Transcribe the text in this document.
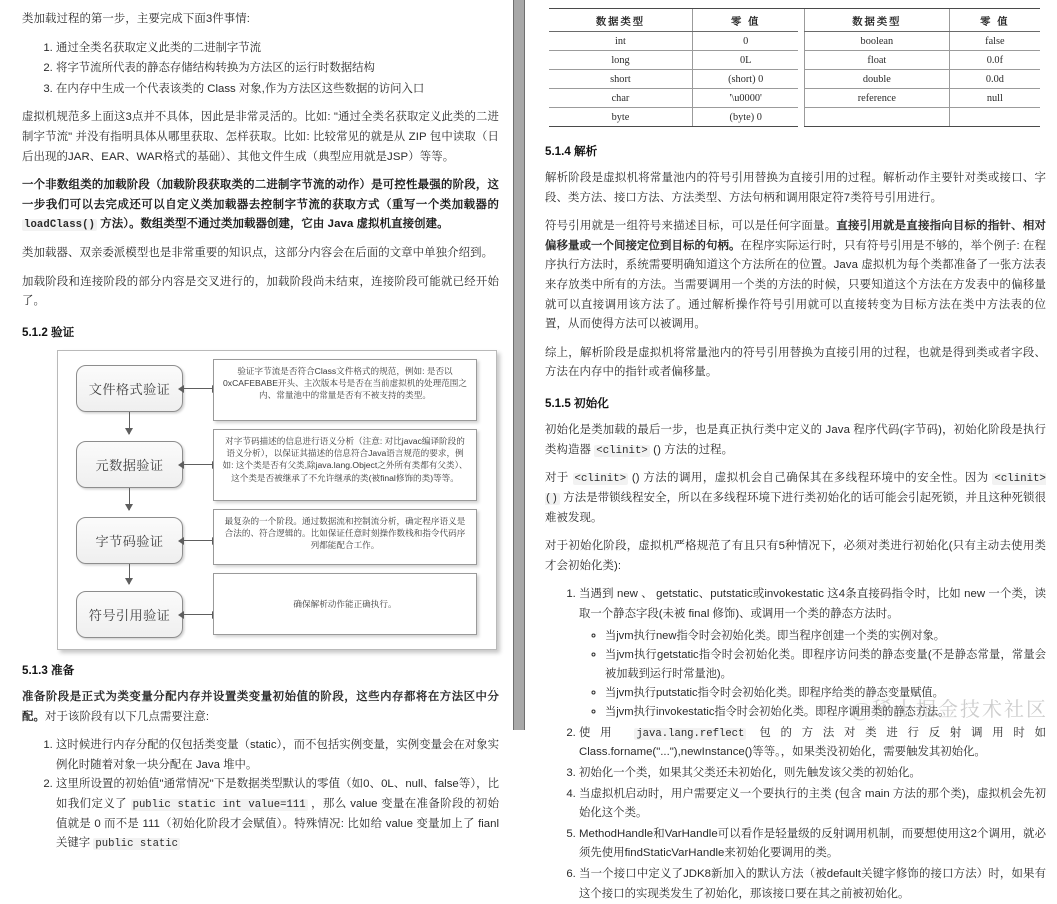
类加载过程的第一步，主要完成下面3件事情:
1. 通过全类名获取定义此类的二进制字节流
2. 将字节流所代表的静态存储结构转换为方法区的运行时数据结构
3. 在内存中生成一个代表该类的 Class 对象,作为方法区这些数据的访问入口
虚拟机规范多上面这3点并不具体，因此是非常灵活的。比如: "通过全类名获取定义此类的二进制字节流" 并没有指明具体从哪里获取、怎样获取。比如: 比较常见的就是从 ZIP 包中读取（日后出现的JAR、EAR、WAR格式的基础）、其他文件生成（典型应用就是JSP）等等。
一个非数组类的加载阶段（加载阶段获取类的二进制字节流的动作）是可控性最强的阶段，这一步我们可以去完成还可以自定义类加载器去控制字节流的获取方式（重写一个类加载器的loadClass() 方法）。数组类型不通过类加载器创建，它由 Java 虚拟机直接创建。
类加载器、双亲委派模型也是非常重要的知识点，这部分内容会在后面的文章中单独介绍到。
加载阶段和连接阶段的部分内容是交叉进行的，加载阶段尚未结束，连接阶段可能就已经开始了。
5.1.2 验证
文件格式验证
元数据验证
字节码验证
符号引用验证
验证字节流是否符合Class文件格式的规范，例如: 是否以0xCAFEBABE开头、主次版本号是否在当前虚拟机的处理范围之内、常量池中的常量是否有不被支持的类型。
对字节码描述的信息进行语义分析（注意: 对比javac编译阶段的语义分析），以保证其描述的信息符合Java语言规范的要求，例如: 这个类是否有父类,除java.lang.Object之外所有类都有父类）、这个类是否被继承了不允许继承的类(被final修饰的类)等等。
最复杂的一个阶段。通过数据流和控制流分析，确定程序语义是合法的、符合逻辑的。比如保证任意时刻操作数栈和指令代码序列都能配合工作。
确保解析动作能正确执行。
5.1.3 准备
准备阶段是正式为类变量分配内存并设置类变量初始值的阶段，这些内存都将在方法区中分配。对于该阶段有以下几点需要注意:
1. 这时候进行内存分配的仅包括类变量（static），而不包括实例变量，实例变量会在对象实例化时随着对象一块分配在 Java 堆中。
2. 这里所设置的初始值"通常情况"下是数据类型默认的零值（如0、0L、null、false等），比如我们定义了 public static int value=111 ，那么 value 变量在准备阶段的初始值就是 0 而不是 111（初始化阶段才会赋值）。特殊情况: 比如给 value 变量加上了 fianl 关键字 public static
数据类型	零 值		数据类型	零 值
int	0		boolean	false
long	0L		float	0.0f
short	(short) 0		double	0.0d
char	'\u0000'		reference	null
byte	(byte) 0			
5.1.4 解析
解析阶段是虚拟机将常量池内的符号引用替换为直接引用的过程。解析动作主要针对类或接口、字段、类方法、接口方法、方法类型、方法句柄和调用限定符7类符号引用进行。
符号引用就是一组符号来描述目标，可以是任何字面量。直接引用就是直接指向目标的指针、相对偏移量或一个间接定位到目标的句柄。在程序实际运行时，只有符号引用是不够的，举个例子: 在程序执行方法时，系统需要明确知道这个方法所在的位置。Java 虚拟机为每个类都准备了一张方法表来存放类中所有的方法。当需要调用一个类的方法的时候，只要知道这个方法在方发表中的偏移量就可以直接调用该方法了。通过解析操作符号引用就可以直接转变为目标方法在类中方法表的位置，从而使得方法可以被调用。
综上，解析阶段是虚拟机将常量池内的符号引用替换为直接引用的过程，也就是得到类或者字段、方法在内存中的指针或者偏移量。
5.1.5 初始化
初始化是类加载的最后一步，也是真正执行类中定义的 Java 程序代码(字节码)，初始化阶段是执行类构造器 <clinit> () 方法的过程。
对于 <clinit> () 方法的调用，虚拟机会自己确保其在多线程环境中的安全性。因为 <clinit> () 方法是带锁线程安全，所以在多线程环境下进行类初始化的话可能会引起死锁，并且这种死锁很难被发现。
对于初始化阶段，虚拟机严格规范了有且只有5种情况下，必须对类进行初始化(只有主动去使用类才会初始化类):
1. 当遇到 new 、 getstatic、putstatic或invokestatic 这4条直接码指令时，比如 new 一个类，读取一个静态字段(未被 final 修饰)、或调用一个类的静态方法时。
◦ 当jvm执行new指令时会初始化类。即当程序创建一个类的实例对象。
◦ 当jvm执行getstatic指令时会初始化类。即程序访问类的静态变量(不是静态常量，常量会被加载到运行时常量池)。
◦ 当jvm执行putstatic指令时会初始化类。即程序给类的静态变量赋值。
◦ 当jvm执行invokestatic指令时会初始化类。即程序调用类的静态方法。
2. 使用 java.lang.reflect 包的方法对类进行反射调用时如Class.forname("..."),newInstance()等等。，如果类没初始化，需要触发其初始化。
3. 初始化一个类，如果其父类还未初始化，则先触发该父类的初始化。
4. 当虚拟机启动时，用户需要定义一个要执行的主类 (包含 main 方法的那个类)，虚拟机会先初始化这个类。
5. MethodHandle和VarHandle可以看作是轻量级的反射调用机制，而要想使用这2个调用，就必须先使用findStaticVarHandle来初始化要调用的类。
6. 当一个接口中定义了JDK8新加入的默认方法（被default关键字修饰的接口方法）时，如果有这个接口的实现类发生了初始化，那该接口要在其之前被初始化。
@稀土掘金技术社区
